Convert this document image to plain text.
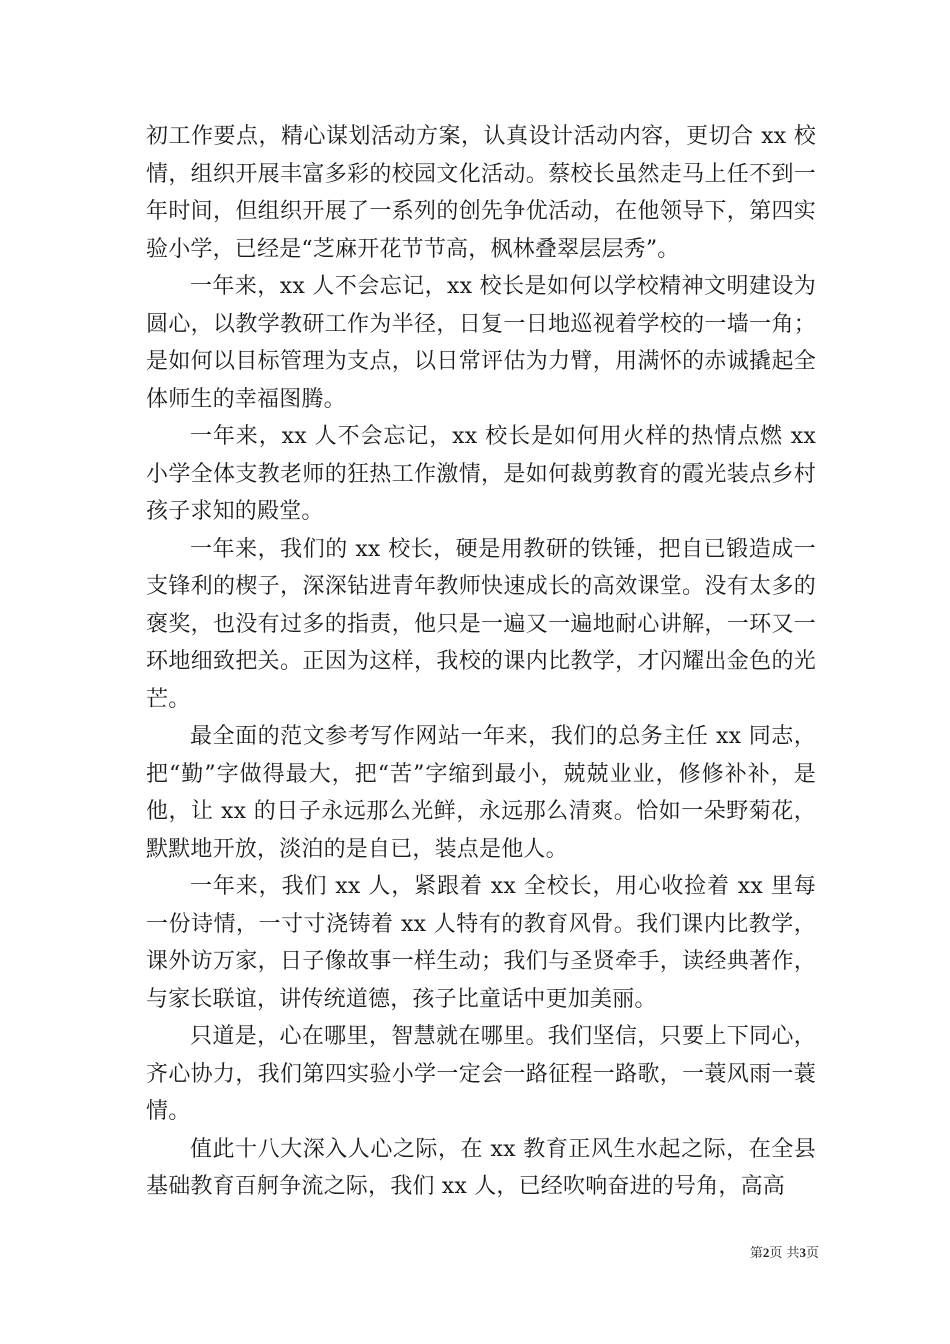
初工作要点，精心谋划活动方案，认真设计活动内容，更切合 xx 校情，组织开展丰富多彩的校园文化活动。蔡校长虽然走马上任不到一年时间，但组织开展了一系列的创先争优活动，在他领导下，第四实验小学，已经是“芝麻开花节节高，枫林叠翠层层秀”。

一年来，xx 人不会忘记，xx 校长是如何以学校精神文明建设为圆心，以教学教研工作为半径，日复一日地巡视着学校的一墙一角；是如何以目标管理为支点，以日常评估为力臂，用满怀的赤诚撬起全体师生的幸福图腾。

一年来，xx 人不会忘记，xx 校长是如何用火样的热情点燃 xx 小学全体支教老师的狂热工作激情，是如何裁剪教育的霞光装点乡村孩子求知的殿堂。

一年来，我们的 xx 校长，硬是用教研的铁锤，把自已锻造成一支锋利的楔子，深深钻进青年教师快速成长的高效课堂。没有太多的褒奖，也没有过多的指责，他只是一遍又一遍地耐心讲解，一环又一环地细致把关。正因为这样，我校的课内比教学，才闪耀出金色的光芒。

最全面的范文参考写作网站一年来，我们的总务主任 xx 同志，把“勤”字做得最大，把“苦”字缩到最小，兢兢业业，修修补补，是他，让 xx 的日子永远那么光鲜，永远那么清爽。恰如一朵野菊花，默默地开放，淡泊的是自已，装点是他人。

一年来，我们 xx 人，紧跟着 xx 全校长，用心收捡着 xx 里每一份诗情，一寸寸浇铸着 xx 人特有的教育风骨。我们课内比教学，课外访万家，日子像故事一样生动；我们与圣贤牵手，读经典著作，与家长联谊，讲传统道德，孩子比童话中更加美丽。

只道是，心在哪里，智慧就在哪里。我们坚信，只要上下同心，齐心协力，我们第四实验小学一定会一路征程一路歌，一蓑风雨一蓑情。

值此十八大深入人心之际，在 xx 教育正风生水起之际，在全县基础教育百舸争流之际，我们 xx 人，已经吹响奋进的号角，高高

第2页 共3页
